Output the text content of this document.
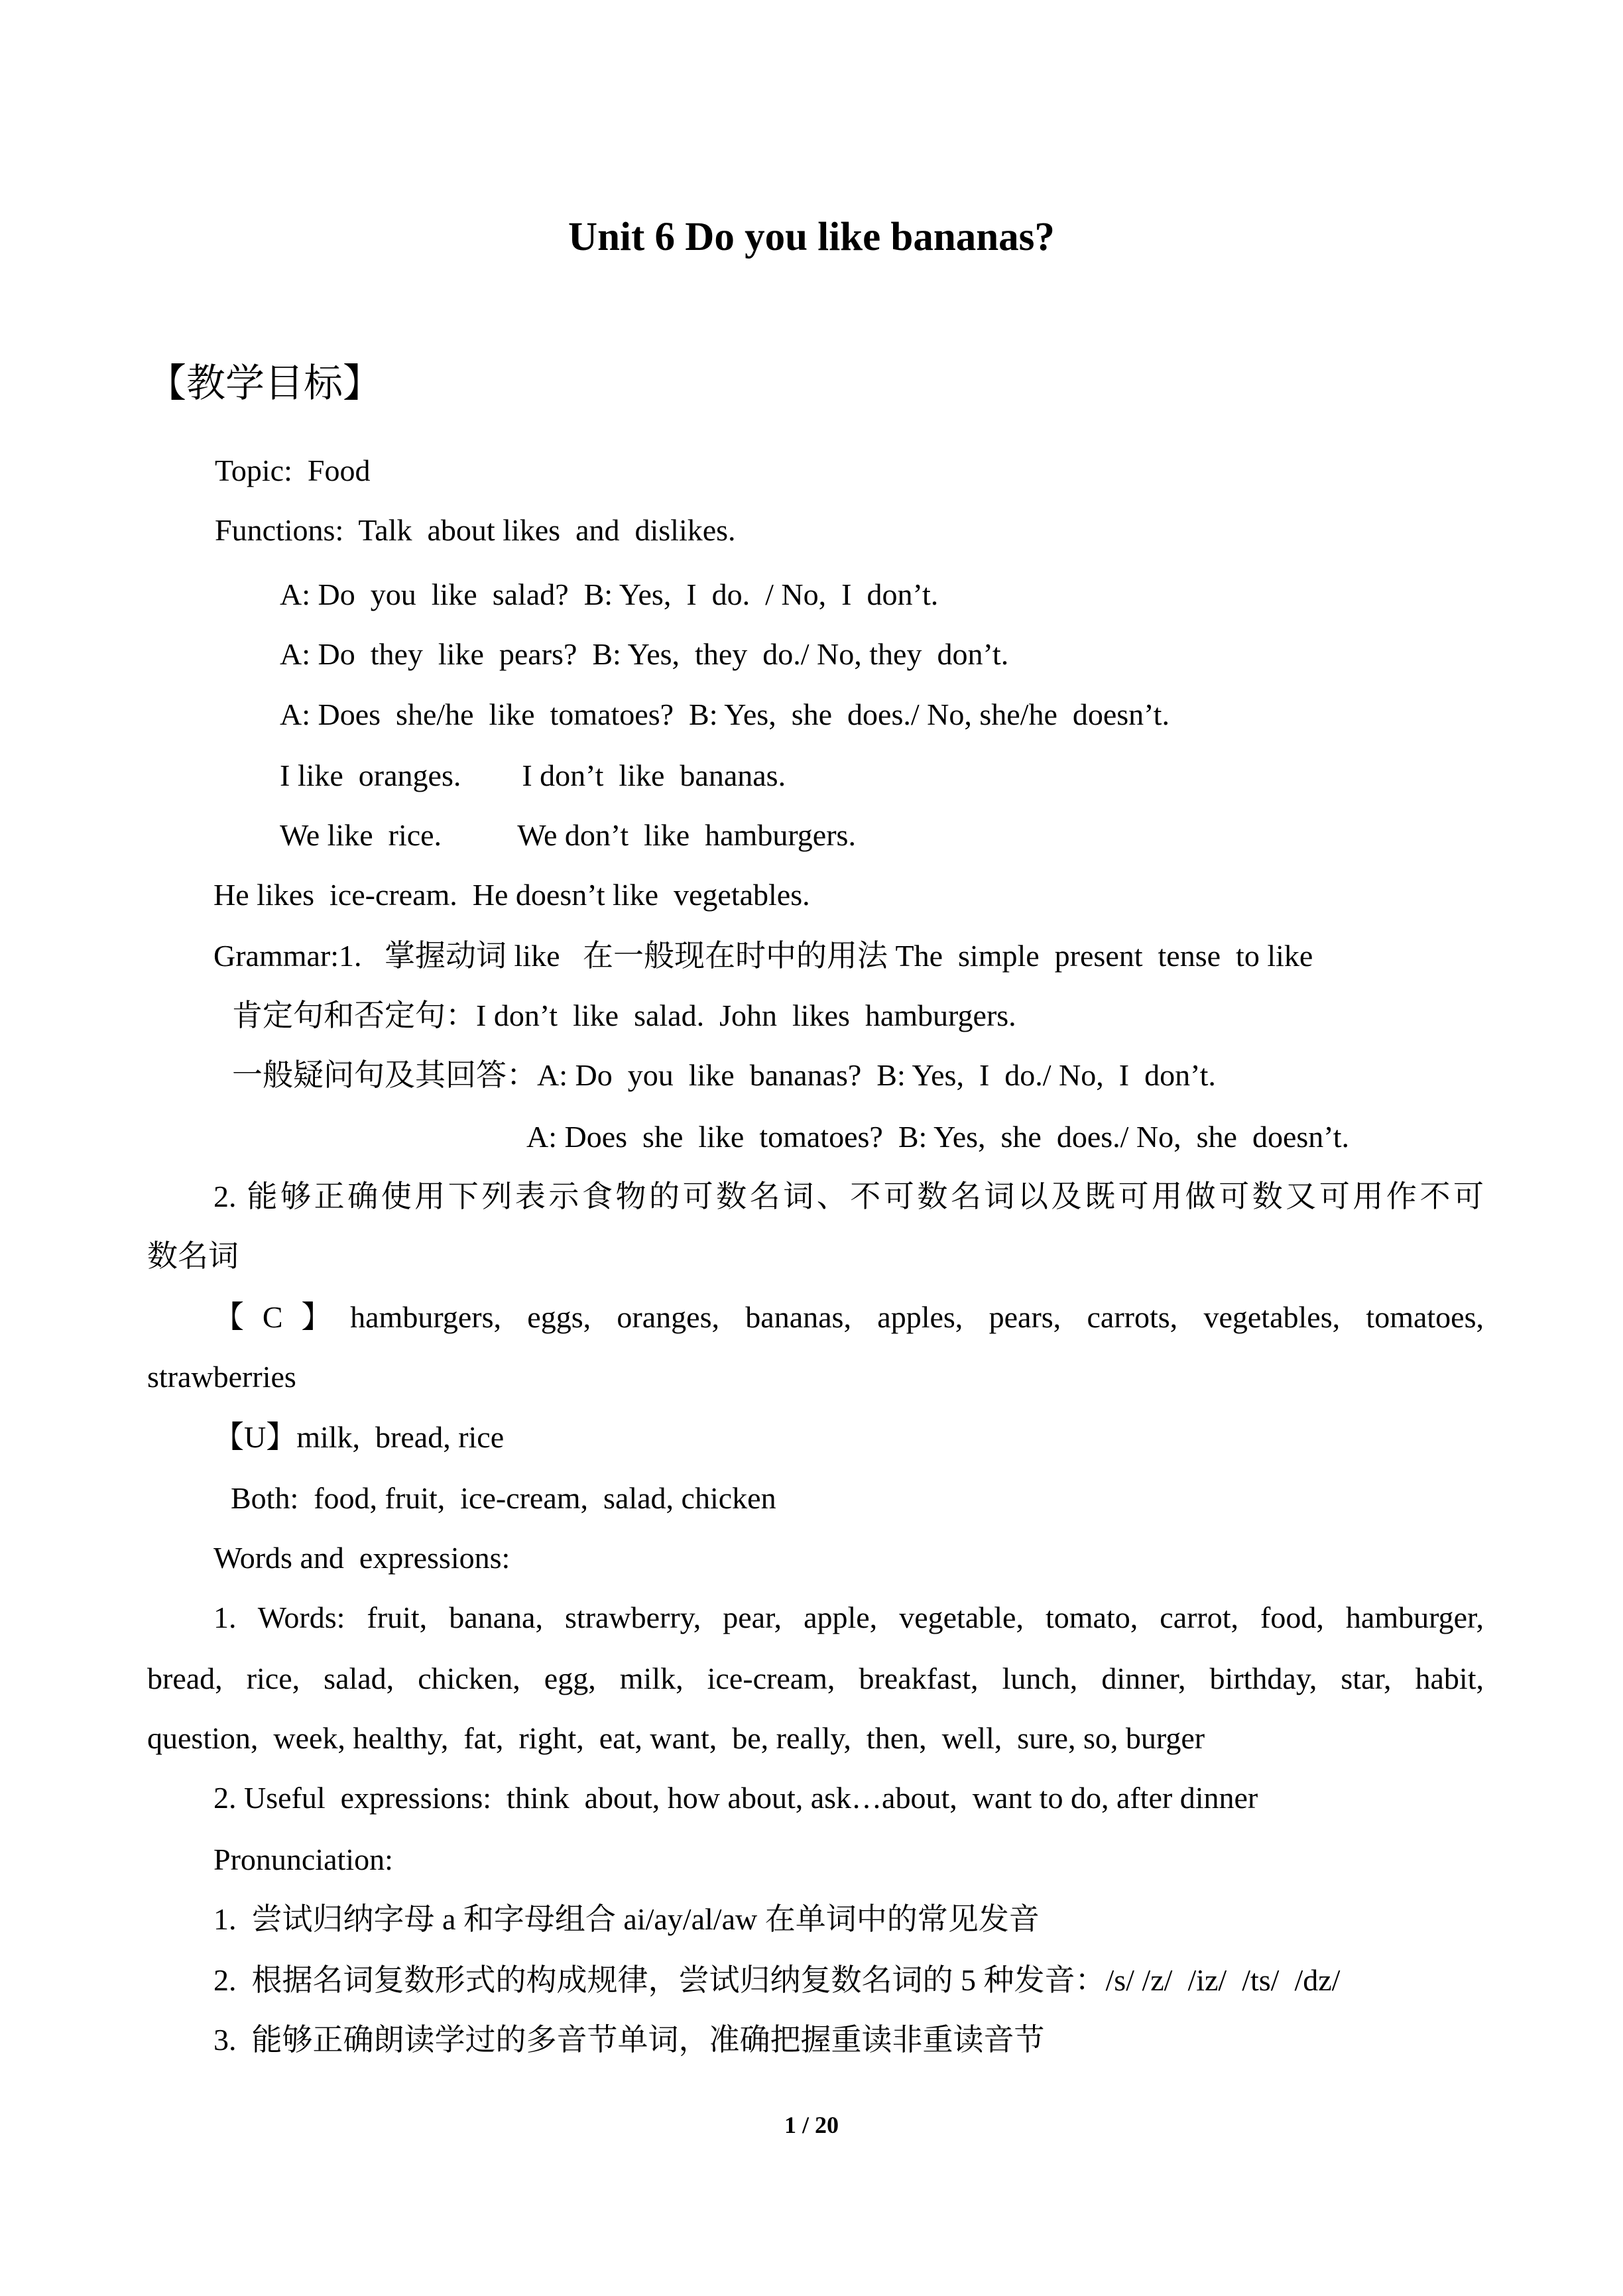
Unit 6 Do you like bananas?
【教学目标】
Topic:  Food
Functions:  Talk  about likes  and  dislikes.
A: Do  you  like  salad?  B: Yes,  I  do.  / No,  I  don’t.
A: Do  they  like  pears?  B: Yes,  they  do./ No, they  don’t.
A: Does  she/he  like  tomatoes?  B: Yes,  she  does./ No, she/he  doesn’t.
I like  oranges.        I don’t  like  bananas.
We like  rice.          We don’t  like  hamburgers.
He likes  ice-cream.  He doesn’t like  vegetables.
Grammar:1.   掌握动词 like   在一般现在时中的用法 The  simple  present  tense  to like
肯定句和否定句：I don’t  like  salad.  John  likes  hamburgers.
一般疑问句及其回答：A: Do  you  like  bananas?  B: Yes,  I  do./ No,  I  don’t.
A: Does  she  like  tomatoes?  B: Yes,  she  does./ No,  she  doesn’t.
2. 能够正确使用下列表示食物的可数名词、不可数名词以及既可用做可数又可用作不可
数名词
【C】hamburgers, eggs, oranges, bananas, apples, pears, carrots, vegetables, tomatoes,
strawberries
【U】milk,  bread, rice
Both:  food, fruit,  ice-cream,  salad, chicken
Words and  expressions:
1. Words: fruit, banana, strawberry, pear, apple, vegetable, tomato, carrot, food, hamburger,
bread, rice, salad, chicken, egg, milk, ice-cream, breakfast, lunch, dinner, birthday, star, habit,
question,  week, healthy,  fat,  right,  eat, want,  be, really,  then,  well,  sure, so, burger
2. Useful  expressions:  think  about, how about, ask…about,  want to do, after dinner
Pronunciation:
1.  尝试归纳字母 a 和字母组合 ai/ay/al/aw 在单词中的常见发音
2.  根据名词复数形式的构成规律，尝试归纳复数名词的 5 种发音：/s/ /z/  /iz/  /ts/  /dz/
3.  能够正确朗读学过的多音节单词，准确把握重读非重读音节
1 / 20
